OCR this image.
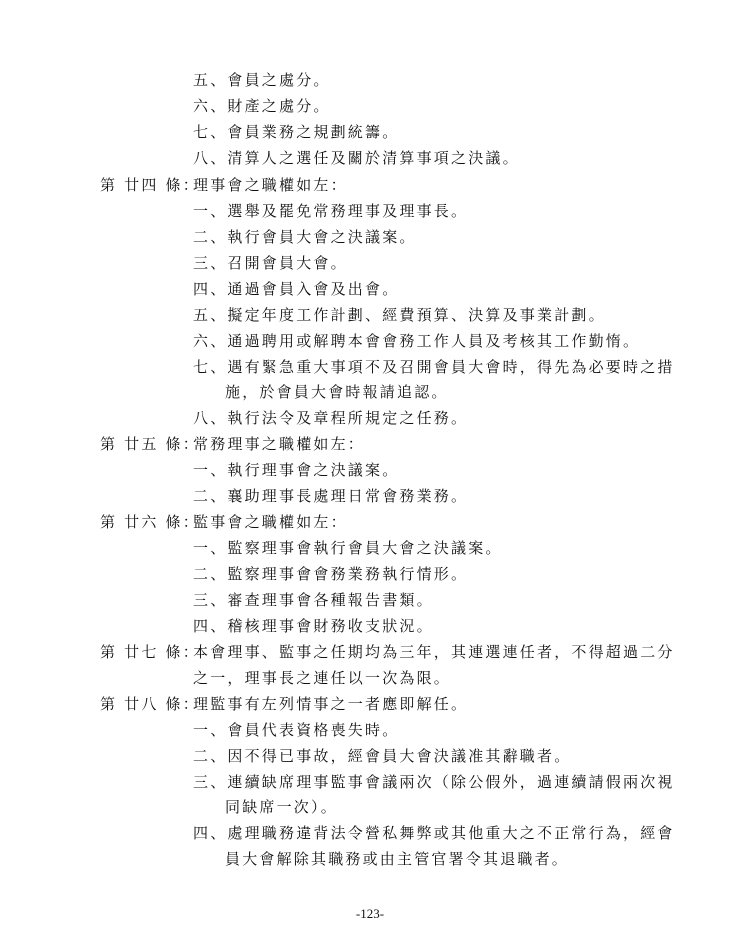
五、會員之處分。
六、財產之處分。
七、會員業務之規劃統籌。
八、清算人之選任及關於清算事項之決議。
第 廿四 條：
理事會之職權如左：
一、選舉及罷免常務理事及理事長。
二、執行會員大會之決議案。
三、召開會員大會。
四、通過會員入會及出會。
五、擬定年度工作計劃、經費預算、決算及事業計劃。
六、通過聘用或解聘本會會務工作人員及考核其工作勤惰。
七、遇有緊急重大事項不及召開會員大會時，得先為必要時之措
施，於會員大會時報請追認。
八、執行法令及章程所規定之任務。
第 廿五 條：
常務理事之職權如左：
一、執行理事會之決議案。
二、襄助理事長處理日常會務業務。
第 廿六 條：
監事會之職權如左：
一、監察理事會執行會員大會之決議案。
二、監察理事會會務業務執行情形。
三、審查理事會各種報告書類。
四、稽核理事會財務收支狀況。
第 廿七 條：
本會理事、監事之任期均為三年，其連選連任者，不得超過二分
之一，理事長之連任以一次為限。
第 廿八 條：
理監事有左列情事之一者應即解任。
一、會員代表資格喪失時。
二、因不得已事故，經會員大會決議准其辭職者。
三、連續缺席理事監事會議兩次（除公假外，過連續請假兩次視
同缺席一次）。
四、處理職務違背法令營私舞弊或其他重大之不正常行為，經會
員大會解除其職務或由主管官署令其退職者。
-123-
